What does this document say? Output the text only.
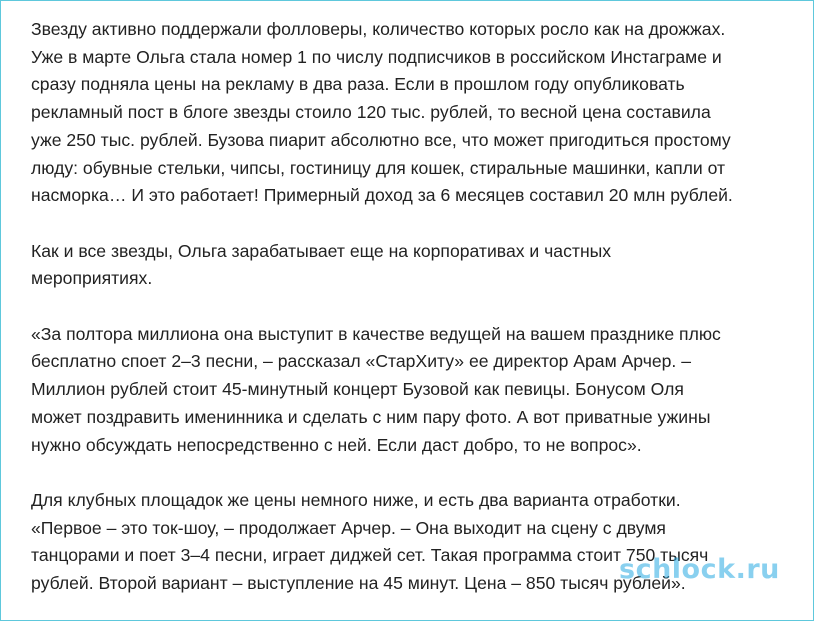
Звезду активно поддержали фолловеры, количество которых росло как на дрожжах.
Уже в марте Ольга стала номер 1 по числу подписчиков в российском Инстаграме и
сразу подняла цены на рекламу в два раза. Если в прошлом году опубликовать
рекламный пост в блоге звезды стоило 120 тыс. рублей, то весной цена составила
уже 250 тыс. рублей. Бузова пиарит абсолютно все, что может пригодиться простому
люду: обувные стельки, чипсы, гостиницу для кошек, стиральные машинки, капли от
насморка… И это работает! Примерный доход за 6 месяцев составил 20 млн рублей.

Как и все звезды, Ольга зарабатывает еще на корпоративах и частных
мероприятиях.

«За полтора миллиона она выступит в качестве ведущей на вашем празднике плюс
бесплатно споет 2–3 песни, – рассказал «СтарХиту» ее директор Арам Арчер. –
Миллион рублей стоит 45-минутный концерт Бузовой как певицы. Бонусом Оля
может поздравить именинника и сделать с ним пару фото. А вот приватные ужины
нужно обсуждать непосредственно с ней. Если даст добро, то не вопрос».

Для клубных площадок же цены немного ниже, и есть два варианта отработки.
«Первое – это ток-шоу, – продолжает Арчер. – Она выходит на сцену с двумя
танцорами и поет 3–4 песни, играет диджей сет. Такая программа стоит 750 тысяч
рублей. Второй вариант – выступление на 45 минут. Цена – 850 тысяч рублей».

schlock.ru
